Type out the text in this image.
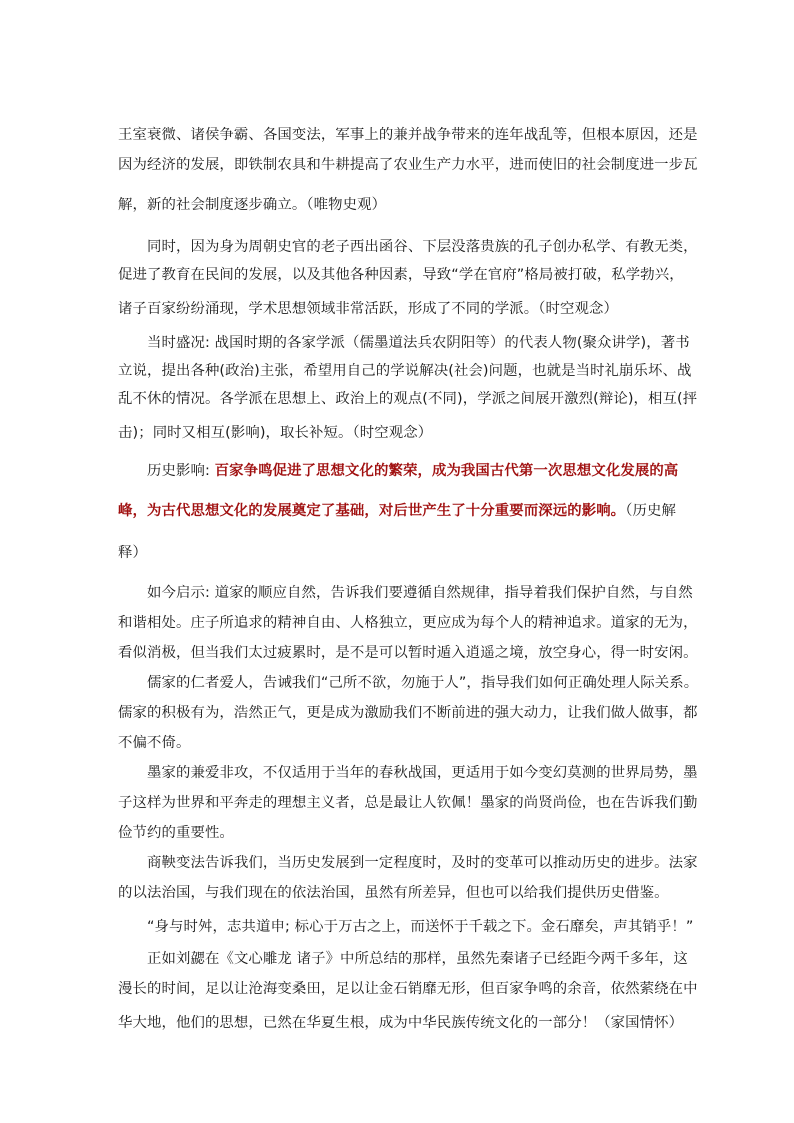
王室衰微、诸侯争霸、各国变法，军事上的兼并战争带来的连年战乱等，但根本原因，还是
因为经济的发展，即铁制农具和牛耕提高了农业生产力水平，进而使旧的社会制度进一步瓦
解，新的社会制度逐步确立。（唯物史观）

同时，因为身为周朝史官的老子西出函谷、下层没落贵族的孔子创办私学、有教无类，
促进了教育在民间的发展，以及其他各种因素，导致“学在官府”格局被打破，私学勃兴，
诸子百家纷纷涌现，学术思想领域非常活跃，形成了不同的学派。（时空观念）

当时盛况: 战国时期的各家学派（儒墨道法兵农阴阳等）的代表人物(聚众讲学)，著书
立说，提出各种(政治)主张，希望用自己的学说解决(社会)问题，也就是当时礼崩乐坏、战
乱不休的情况。各学派在思想上、政治上的观点(不同)，学派之间展开激烈(辩论)，相互(抨
击)；同时又相互(影响)，取长补短。（时空观念）

历史影响: 百家争鸣促进了思想文化的繁荣，成为我国古代第一次思想文化发展的高
峰，为古代思想文化的发展奠定了基础，对后世产生了十分重要而深远的影响。（历史解
释）

如今启示: 道家的顺应自然，告诉我们要遵循自然规律，指导着我们保护自然，与自然
和谐相处。庄子所追求的精神自由、人格独立，更应成为每个人的精神追求。道家的无为，
看似消极，但当我们太过疲累时，是不是可以暂时遁入逍遥之境，放空身心，得一时安闲。

儒家的仁者爱人，告诫我们“己所不欲，勿施于人”，指导我们如何正确处理人际关系。
儒家的积极有为，浩然正气，更是成为激励我们不断前进的强大动力，让我们做人做事，都
不偏不倚。

墨家的兼爱非攻，不仅适用于当年的春秋战国，更适用于如今变幻莫测的世界局势，墨
子这样为世界和平奔走的理想主义者，总是最让人钦佩！墨家的尚贤尚俭，也在告诉我们勤
俭节约的重要性。

商鞅变法告诉我们，当历史发展到一定程度时，及时的变革可以推动历史的进步。法家
的以法治国，与我们现在的依法治国，虽然有所差异，但也可以给我们提供历史借鉴。

“身与时舛，志共道申; 标心于万古之上，而送怀于千载之下。金石靡矣，声其销乎！”

正如刘勰在《文心雕龙 诸子》中所总结的那样，虽然先秦诸子已经距今两千多年，这
漫长的时间，足以让沧海变桑田，足以让金石销靡无形，但百家争鸣的余音，依然萦绕在中
华大地，他们的思想，已然在华夏生根，成为中华民族传统文化的一部分！（家国情怀）
